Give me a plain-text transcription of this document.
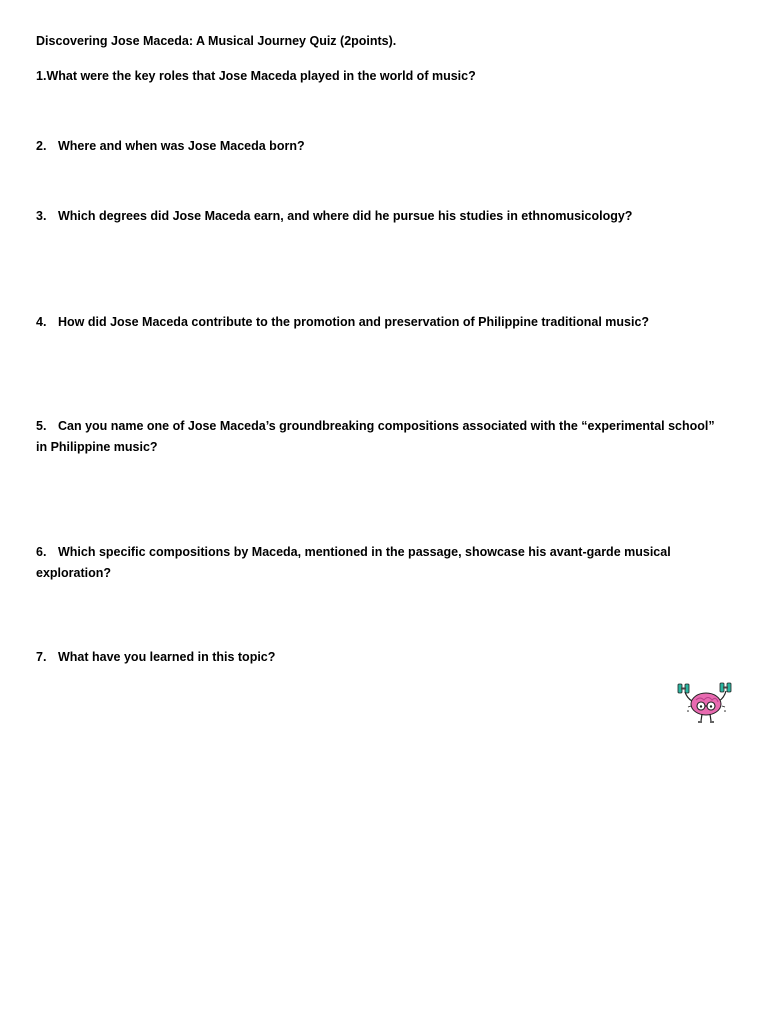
Discovering Jose Maceda: A Musical Journey Quiz (2points).
1.What were the key roles that Jose Maceda played in the world of music?
2. Where and when was Jose Maceda born?
3. Which degrees did Jose Maceda earn, and where did he pursue his studies in ethnomusicology?
4. How did Jose Maceda contribute to the promotion and preservation of Philippine traditional music?
5. Can you name one of Jose Maceda’s groundbreaking compositions associated with the “experimental school” in Philippine music?
6. Which specific compositions by Maceda, mentioned in the passage, showcase his avant-garde musical exploration?
7. What have you learned in this topic?
